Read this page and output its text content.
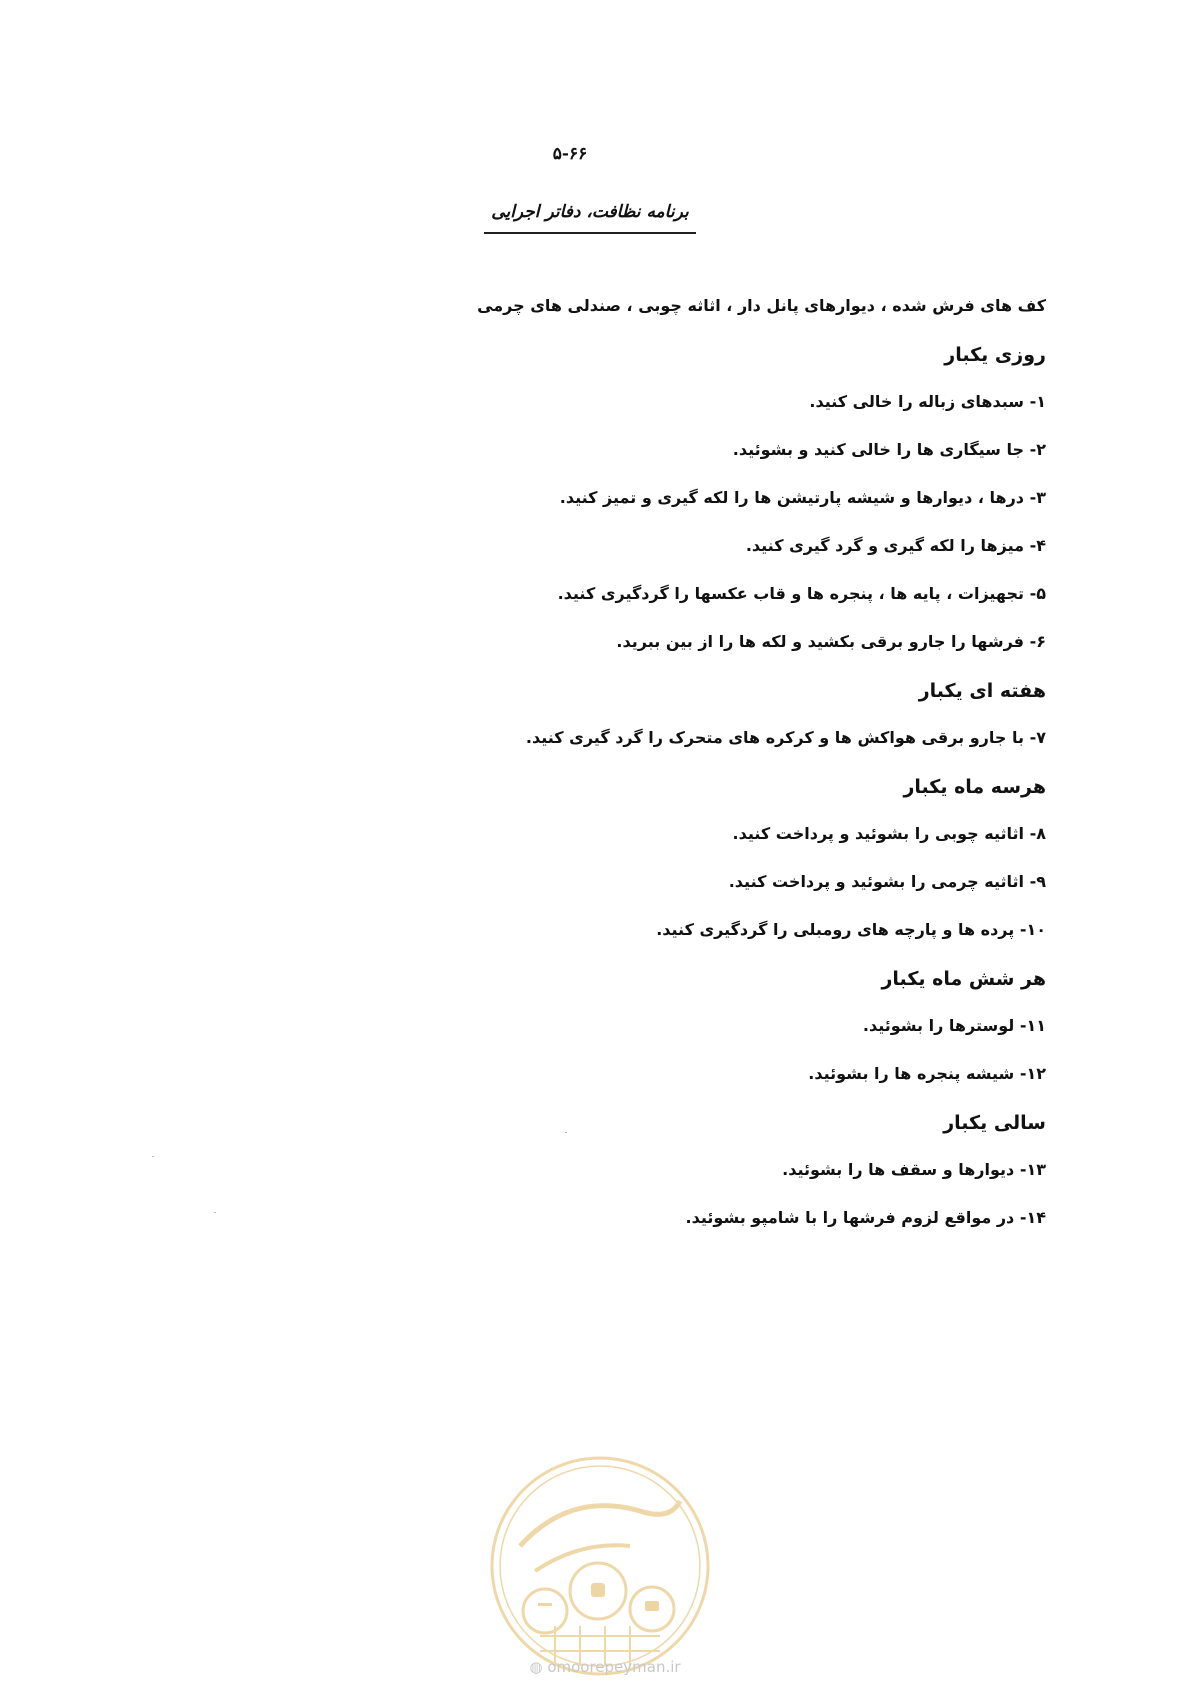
۵-۶۶
برنامه نظافت، دفاتر اجرایی
کف های فرش شده ، دیوارهای پانل دار ، اثاثه چوبی ، صندلی های چرمی
روزی یکبار
۱- سبدهای زباله را خالی کنید.
۲- جا سیگاری ها را خالی کنید و بشوئید.
۳- درها ، دیوارها و شیشه پارتیشن ها را لکه گیری و تمیز کنید.
۴- میزها را لکه گیری و گرد گیری کنید.
۵- تجهیزات ، پایه ها ، پنجره ها و قاب عکسها را گردگیری کنید.
۶- فرشها را جارو برقی بکشید و لکه ها را از بین ببرید.
هفته ای یکبار
۷- با جارو برقی هواکش ها و کرکره های متحرک را گرد گیری کنید.
هرسه ماه یکبار
۸- اثاثیه چوبی را بشوئید و پرداخت کنید.
۹- اثاثیه چرمی را بشوئید و پرداخت کنید.
۱۰- پرده ها و پارچه های رومبلی را گردگیری کنید.
هر شش ماه یکبار
۱۱- لوسترها را بشوئید.
۱۲- شیشه پنجره ها را بشوئید.
سالی یکبار
۱۳- دیوارها و سقف ها را بشوئید.
۱۴- در مواقع لزوم فرشها را با شامپو بشوئید.
◍ omoorepeyman.ir
